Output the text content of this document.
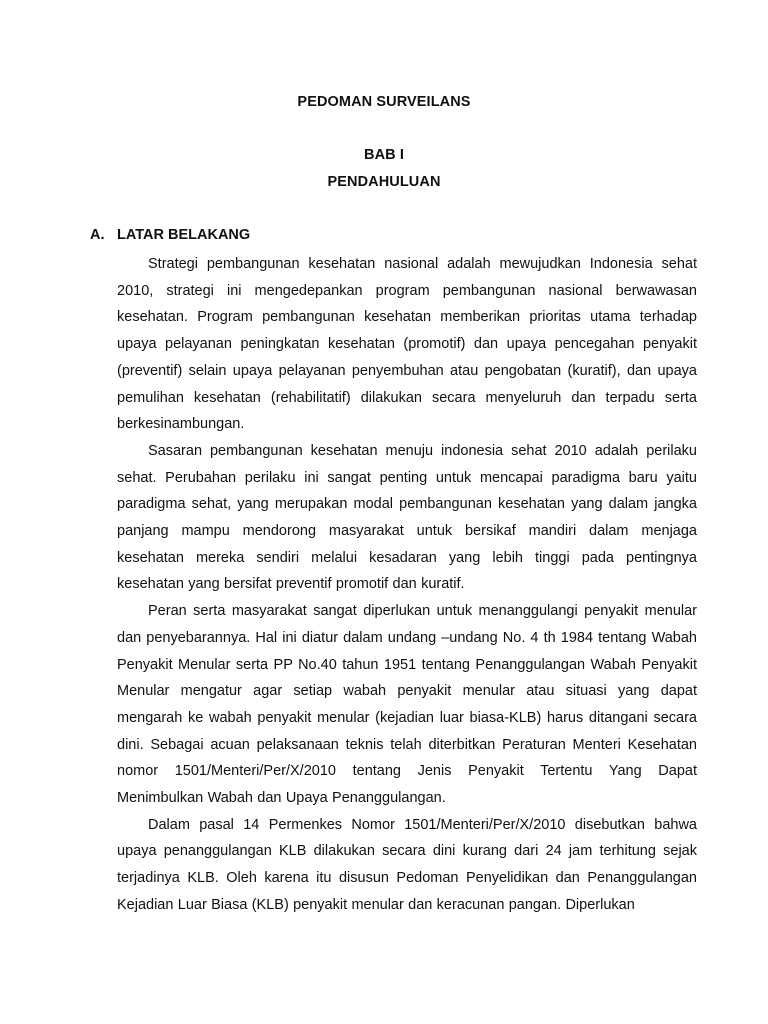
PEDOMAN SURVEILANS
BAB I
PENDAHULUAN
A. LATAR BELAKANG

Strategi pembangunan kesehatan nasional adalah mewujudkan Indonesia sehat 2010, strategi ini mengedepankan program pembangunan nasional berwawasan kesehatan. Program pembangunan kesehatan memberikan prioritas utama terhadap upaya pelayanan peningkatan kesehatan (promotif) dan upaya pencegahan penyakit (preventif) selain upaya pelayanan penyembuhan atau pengobatan (kuratif), dan upaya pemulihan kesehatan (rehabilitatif) dilakukan secara menyeluruh dan terpadu serta berkesinambungan.

Sasaran pembangunan kesehatan menuju indonesia sehat 2010 adalah perilaku sehat. Perubahan perilaku ini sangat penting untuk mencapai paradigma baru yaitu paradigma sehat, yang merupakan modal pembangunan kesehatan yang dalam jangka panjang mampu mendorong masyarakat untuk bersikaf mandiri dalam menjaga kesehatan mereka sendiri melalui kesadaran yang lebih tinggi pada pentingnya kesehatan yang bersifat preventif promotif dan kuratif.

Peran serta masyarakat sangat diperlukan untuk menanggulangi penyakit menular dan penyebarannya. Hal ini diatur dalam undang –undang No. 4 th 1984 tentang Wabah Penyakit Menular serta PP No.40 tahun 1951 tentang Penanggulangan Wabah Penyakit Menular mengatur agar setiap wabah penyakit menular atau situasi yang dapat mengarah ke wabah penyakit menular (kejadian luar biasa-KLB) harus ditangani secara dini. Sebagai acuan pelaksanaan teknis telah diterbitkan Peraturan Menteri Kesehatan nomor 1501/Menteri/Per/X/2010 tentang Jenis Penyakit Tertentu Yang Dapat Menimbulkan Wabah dan Upaya Penanggulangan.

Dalam pasal 14 Permenkes Nomor 1501/Menteri/Per/X/2010 disebutkan bahwa upaya penanggulangan KLB dilakukan secara dini kurang dari 24 jam terhitung sejak terjadinya KLB. Oleh karena itu disusun Pedoman Penyelidikan dan Penanggulangan Kejadian Luar Biasa (KLB) penyakit menular dan keracunan pangan. Diperlukan
